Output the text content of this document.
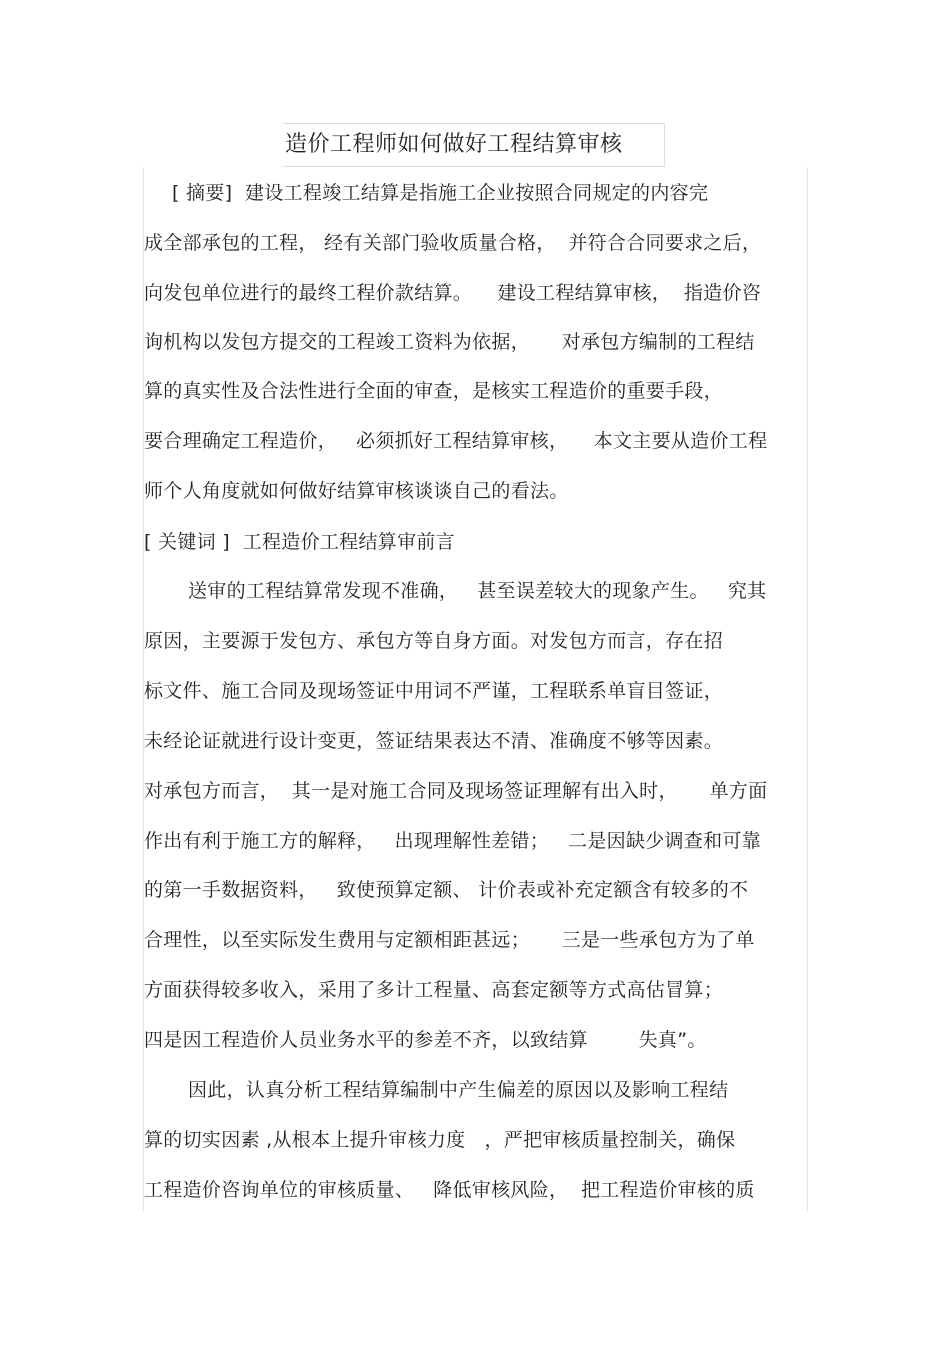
造价工程师如何做好工程结算审核
[ 摘要]  建设工程竣工结算是指施工企业按照合同规定的内容完
成全部承包的工程， 经有关部门验收质量合格，  并符合合同要求之后，
向发包单位进行的最终工程价款结算。    建设工程结算审核，  指造价咨
询机构以发包方提交的工程竣工资料为依据，     对承包方编制的工程结
算的真实性及合法性进行全面的审查，是核实工程造价的重要手段，
要合理确定工程造价，   必须抓好工程结算审核，    本文主要从造价工程
师个人角度就如何做好结算审核谈谈自己的看法。
[ 关键词 ]  工程造价工程结算审前言
送审的工程结算常发现不准确，   甚至误差较大的现象产生。   究其
原因，主要源于发包方、承包方等自身方面。对发包方而言，存在招
标文件、施工合同及现场签证中用词不严谨，工程联系单盲目签证，
未经论证就进行设计变更，签证结果表达不清、准确度不够等因素。
对承包方而言，  其一是对施工合同及现场签证理解有出入时，     单方面
作出有利于施工方的解释，   出现理解性差错；   二是因缺少调查和可靠
的第一手数据资料，   致使预算定额、 计价表或补充定额含有较多的不
合理性，以至实际发生费用与定额相距甚远；     三是一些承包方为了单
方面获得较多收入，采用了多计工程量、高套定额等方式高估冒算；
四是因工程造价人员业务水平的参差不齐，以致结算        失真”。
因此，认真分析工程结算编制中产生偏差的原因以及影响工程结
算的切实因素 ,从根本上提升审核力度   ，严把审核质量控制关，确保
工程造价咨询单位的审核质量、   降低审核风险，  把工程造价审核的质
